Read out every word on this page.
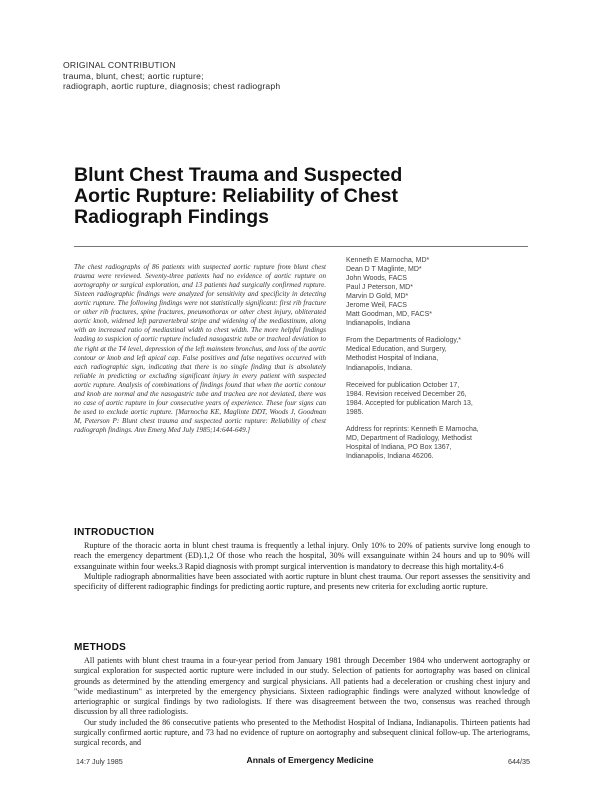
ORIGINAL CONTRIBUTION
trauma, blunt, chest; aortic rupture;
radiograph, aortic rupture, diagnosis; chest radiograph
Blunt Chest Trauma and Suspected
Aortic Rupture: Reliability of Chest
Radiograph Findings

The chest radiographs of 86 patients with suspected aortic rupture from blunt chest trauma were reviewed. Seventy-three patients had no evidence of aortic rupture on aortography or surgical exploration, and 13 patients had surgically confirmed rupture. Sixteen radiographic findings were analyzed for sensitivity and specificity in detecting aortic rupture. The following findings were not statistically significant: first rib fracture or other rib fractures, spine fractures, pneumothorax or other chest injury, obliterated aortic knob, widened left paravertebral stripe and widening of the mediastinum, along with an increased ratio of mediastinal width to chest width. The more helpful findings leading to suspicion of aortic rupture included nasogastric tube or tracheal deviation to the right at the T4 level, depression of the left mainstem bronchus, and loss of the aortic contour or knob and left apical cap. False positives and false negatives occurred with each radiographic sign, indicating that there is no single finding that is absolutely reliable in predicting or excluding significant injury in every patient with suspected aortic rupture. Analysis of combinations of findings found that when the aortic contour and knob are normal and the nasogastric tube and trachea are not deviated, there was no case of aortic rupture in four consecutive years of experience. These four signs can be used to exclude aortic rupture. [Marnocha KE, Maglinte DDT, Woods J, Goodman M, Peterson P: Blunt chest trauma and suspected aortic rupture: Reliability of chest radiograph findings. Ann Emerg Med July 1985;14:644-649.]

Kenneth E Marnocha, MD*
Dean D T Maglinte, MD*
John Woods, FACS
Paul J Peterson, MD*
Marvin D Gold, MD*
Jerome Weil, FACS
Matt Goodman, MD, FACS*
Indianapolis, Indiana
From the Departments of Radiology,*
Medical Education, and Surgery,
Methodist Hospital of Indiana,
Indianapolis, Indiana.
Received for publication October 17,
1984. Revision received December 26,
1984. Accepted for publication March 13,
1985.
Address for reprints: Kenneth E Marnocha,
MD, Department of Radiology, Methodist
Hospital of Indiana, PO Box 1367,
Indianapolis, Indiana 46206.
INTRODUCTION

Rupture of the thoracic aorta in blunt chest trauma is frequently a lethal injury. Only 10% to 20% of patients survive long enough to reach the emergency department (ED).1,2 Of those who reach the hospital, 30% will exsanguinate within 24 hours and up to 90% will exsanguinate within four weeks.3 Rapid diagnosis with prompt surgical intervention is mandatory to decrease this high mortality.4-6

Multiple radiograph abnormalities have been associated with aortic rupture in blunt chest trauma. Our report assesses the sensitivity and specificity of different radiographic findings for predicting aortic rupture, and presents new criteria for excluding aortic rupture.

METHODS

All patients with blunt chest trauma in a four-year period from January 1981 through December 1984 who underwent aortography or surgical exploration for suspected aortic rupture were included in our study. Selection of patients for aortography was based on clinical grounds as determined by the attending emergency and surgical physicians. All patients had a deceleration or crushing chest injury and "wide mediastinum" as interpreted by the emergency physicians. Sixteen radiographic findings were analyzed without knowledge of arteriographic or surgical findings by two radiologists. If there was disagreement between the two, consensus was reached through discussion by all three radiologists.

Our study included the 86 consecutive patients who presented to the Methodist Hospital of Indiana, Indianapolis. Thirteen patients had surgically confirmed aortic rupture, and 73 had no evidence of rupture on aortography and subsequent clinical follow-up. The arteriograms, surgical records, and

14:7 July 1985	Annals of Emergency Medicine	644/35
